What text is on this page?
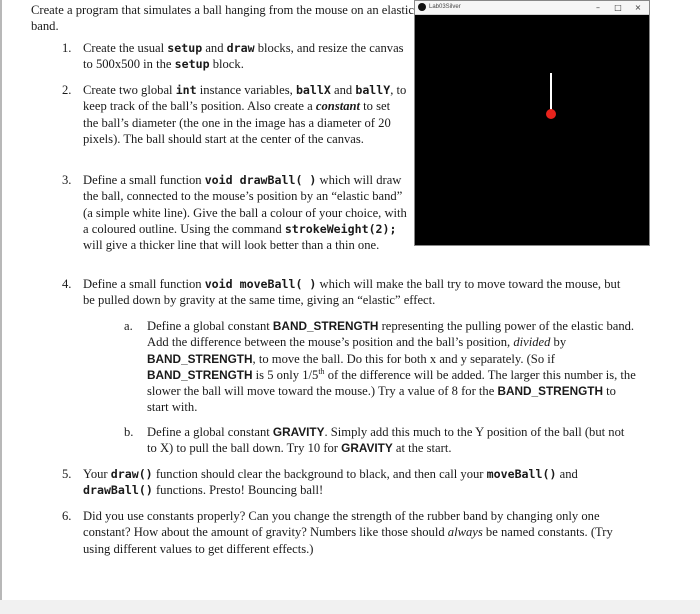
Create a program that simulates a ball hanging from the mouse on an elastic band.
1. Create the usual setup and draw blocks, and resize the canvas to 500x500 in the setup block.
2. Create two global int instance variables, ballX and ballY, to keep track of the ball’s position. Also create a constant to set the ball’s diameter (the one in the image has a diameter of 20 pixels). The ball should start at the center of the canvas.
3. Define a small function void drawBall( ) which will draw the ball, connected to the mouse’s position by an “elastic band” (a simple white line). Give the ball a colour of your choice, with a coloured outline. Using the command strokeWeight(2); will give a thicker line that will look better than a thin one.
4. Define a small function void moveBall( ) which will make the ball try to move toward the mouse, but be pulled down by gravity at the same time, giving an “elastic” effect.
a. Define a global constant BAND_STRENGTH representing the pulling power of the elastic band. Add the difference between the mouse’s position and the ball’s position, divided by BAND_STRENGTH, to move the ball. Do this for both x and y separately. (So if BAND_STRENGTH is 5 only 1/5th of the difference will be added. The larger this number is, the slower the ball will move toward the mouse.) Try a value of 8 for the BAND_STRENGTH to start with.
b. Define a global constant GRAVITY. Simply add this much to the Y position of the ball (but not to X) to pull the ball down. Try 10 for GRAVITY at the start.
5. Your draw() function should clear the background to black, and then call your moveBall() and drawBall() functions. Presto! Bouncing ball!
6. Did you use constants properly? Can you change the strength of the rubber band by changing only one constant? How about the amount of gravity? Numbers like those should always be named constants. (Try using different values to get different effects.)
Lab03Silver	–	□	×
